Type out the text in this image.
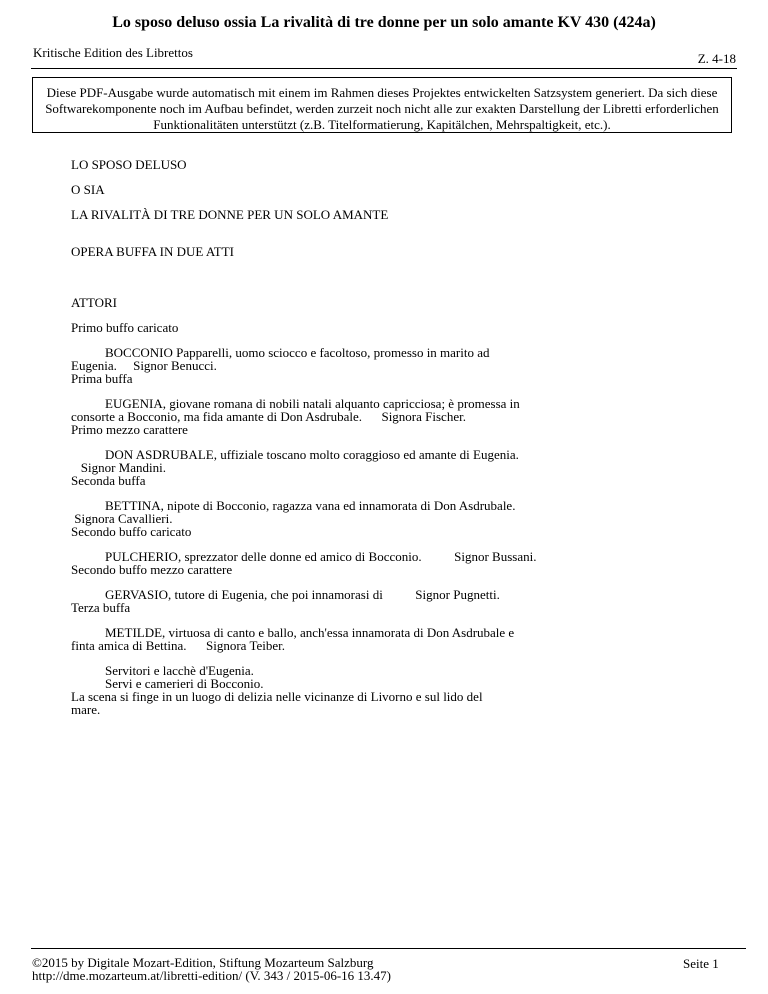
Lo sposo deluso ossia La rivalità di tre donne per un solo amante KV 430 (424a)
Kritische Edition des Librettos	Z. 4-18
Diese PDF-Ausgabe wurde automatisch mit einem im Rahmen dieses Projektes entwickelten Satzsystem generiert. Da sich diese
Softwarekomponente noch im Aufbau befindet, werden zurzeit noch nicht alle zur exakten Darstellung der Libretti erforderlichen
Funktionalitäten unterstützt (z.B. Titelformatierung, Kapitälchen, Mehrspaltigkeit, etc.).
LO SPOSO DELUSO
O SIA
LA RIVALITÀ DI TRE DONNE PER UN SOLO AMANTE
OPERA BUFFA IN DUE ATTI
ATTORI
Primo buffo caricato
BOCCONIO Papparelli, uomo sciocco e facoltoso, promesso in marito ad
Eugenia.     Signor Benucci.
Prima buffa
EUGENIA, giovane romana di nobili natali alquanto capricciosa; è promessa in
consorte a Bocconio, ma fida amante di Don Asdrubale.      Signora Fischer.
Primo mezzo carattere
DON ASDRUBALE, uffiziale toscano molto coraggioso ed amante di Eugenia.
Signor Mandini.
Seconda buffa
BETTINA, nipote di Bocconio, ragazza vana ed innamorata di Don Asdrubale.
Signora Cavallieri.
Secondo buffo caricato
PULCHERIO, sprezzator delle donne ed amico di Bocconio.          Signor Bussani.
Secondo buffo mezzo carattere
GERVASIO, tutore di Eugenia, che poi innamorasi di          Signor Pugnetti.
Terza buffa
METILDE, virtuosa di canto e ballo, anch'essa innamorata di Don Asdrubale e
finta amica di Bettina.      Signora Teiber.
Servitori e lacchè d'Eugenia.
Servi e camerieri di Bocconio.
La scena si finge in un luogo di delizia nelle vicinanze di Livorno e sul lido del
mare.
©2015 by Digitale Mozart-Edition, Stiftung Mozarteum Salzburg
http://dme.mozarteum.at/libretti-edition/ (V. 343 / 2015-06-16 13.47)
Seite 1
